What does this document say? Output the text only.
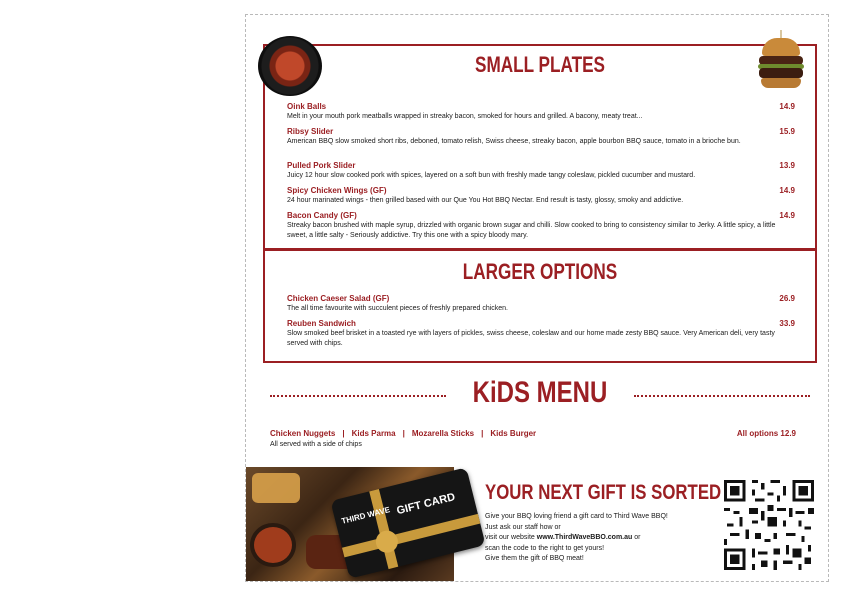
SMALL PLATES
Oink Balls	14.9
Melt in your mouth pork meatballs wrapped in streaky bacon, smoked for hours and grilled. A bacony, meaty treat...
Ribsy Slider	15.9
American BBQ slow smoked short ribs, deboned, tomato relish, Swiss cheese, streaky bacon, apple bourbon BBQ sauce, tomato in a brioche bun.
Pulled Pork Slider	13.9
Juicy 12 hour slow cooked pork with spices, layered on a soft bun with freshly made tangy coleslaw, pickled cucumber and mustard.
Spicy Chicken Wings (GF)	14.9
24 hour marinated wings - then grilled based with our Que You Hot BBQ Nectar. End result is tasty, glossy, smoky and addictive.
Bacon Candy (GF)	14.9
Streaky bacon brushed with maple syrup, drizzled with organic brown sugar and chilli. Slow cooked to bring to consistency similar to Jerky. A little spicy, a little sweet, a little salty - Seriously addictive. Try this one with a spicy bloody mary.
LARGER OPTIONS
Chicken Caeser Salad (GF)	26.9
The all time favourite with succulent pieces of freshly prepared chicken.
Reuben Sandwich	33.9
Slow smoked beef brisket in a toasted rye with layers of pickles, swiss cheese, coleslaw and our home made zesty BBQ sauce. Very American deli, very tasty served with chips.
KiDS MENU
Chicken Nuggets | Kids Parma | Mozarella Sticks | Kids Burger	All options 12.9
All served with a side of chips
THIRD WAVE GIFT CARD YOUR NEXT GIFT IS SORTED
Give your BBQ loving friend a gift card to Third Wave BBQ!
Just ask our staff how or
visit our website www.ThirdWaveBBO.com.au or
scan the code to the right to get yours!
Give them the gift of BBQ meat!
